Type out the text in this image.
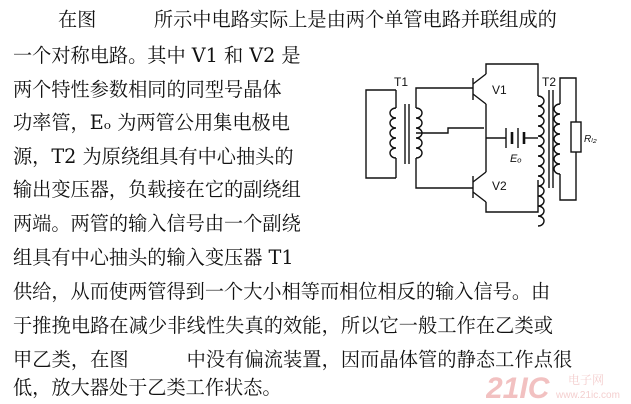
在图　　　所示中电路实际上是由两个单管电路并联组成的
一个对称电路。其中 V1 和 V2 是
两个特性参数相同的同型号晶体
功率管，Eₒ 为两管公用集电极电
源，T2 为原绕组具有中心抽头的
输出变压器，负载接在它的副绕组
两端。两管的输入信号由一个副绕
组具有中心抽头的输入变压器 T1
供给，从而使两管得到一个大小相等而相位相反的输入信号。由
于推挽电路在减少非线性失真的效能，所以它一般工作在乙类或
甲乙类，在图　　　中没有偏流装置，因而晶体管的静态工作点很
低，放大器处于乙类工作状态。
T1
V1
V2
T2
Eₒ
Rₗ₂
21IC 电子网
www.21ic.com
